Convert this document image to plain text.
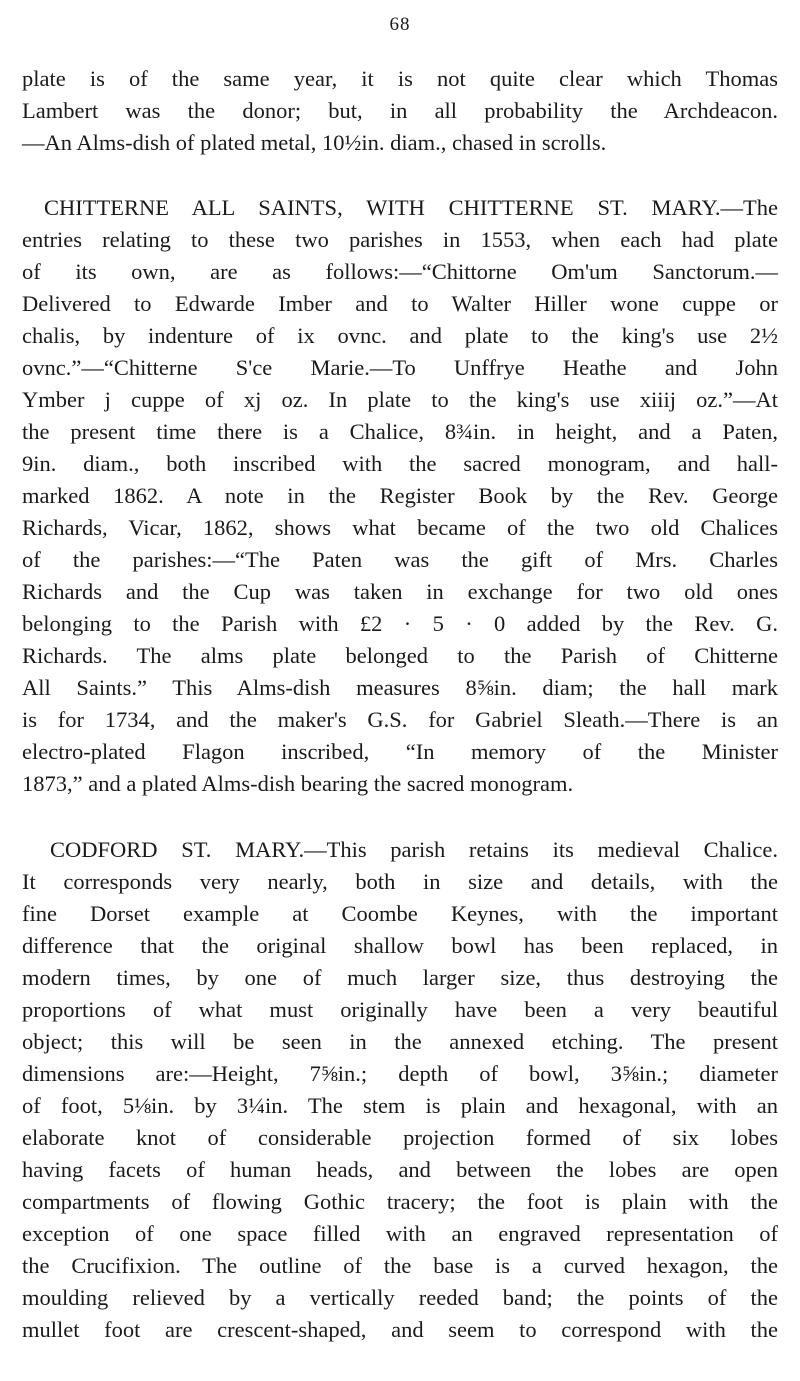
68
plate is of the same year, it is not quite clear which Thomas
Lambert was the donor; but, in all probability the Archdeacon.
—An Alms-dish of plated metal, 10½in. diam., chased in scrolls.
CHITTERNE ALL SAINTS, WITH CHITTERNE ST. MARY.—The
entries relating to these two parishes in 1553, when each had plate
of its own, are as follows:—“Chittorne Om'um Sanctorum.—
Delivered to Edwarde Imber and to Walter Hiller wone cuppe or
chalis, by indenture of ix ovnc. and plate to the king's use 2½
ovnc.”—“Chitterne S'ce Marie.—To Unffrye Heathe and John
Ymber j cuppe of xj oz. In plate to the king's use xiiij oz.”—At
the present time there is a Chalice, 8¾in. in height, and a Paten,
9in. diam., both inscribed with the sacred monogram, and hall-
marked 1862. A note in the Register Book by the Rev. George
Richards, Vicar, 1862, shows what became of the two old Chalices
of the parishes:—“The Paten was the gift of Mrs. Charles
Richards and the Cup was taken in exchange for two old ones
belonging to the Parish with £2 · 5 · 0 added by the Rev. G.
Richards. The alms plate belonged to the Parish of Chitterne
All Saints.” This Alms-dish measures 8⅝in. diam; the hall mark
is for 1734, and the maker's G.S. for Gabriel Sleath.—There is an
electro-plated Flagon inscribed, “In memory of the Minister
1873,” and a plated Alms-dish bearing the sacred monogram.
CODFORD ST. MARY.—This parish retains its medieval Chalice.
It corresponds very nearly, both in size and details, with the
fine Dorset example at Coombe Keynes, with the important
difference that the original shallow bowl has been replaced, in
modern times, by one of much larger size, thus destroying the
proportions of what must originally have been a very beautiful
object; this will be seen in the annexed etching. The present
dimensions are:—Height, 7⅝in.; depth of bowl, 3⅝in.; diameter
of foot, 5⅛in. by 3¼in. The stem is plain and hexagonal, with an
elaborate knot of considerable projection formed of six lobes
having facets of human heads, and between the lobes are open
compartments of flowing Gothic tracery; the foot is plain with the
exception of one space filled with an engraved representation of
the Crucifixion. The outline of the base is a curved hexagon, the
moulding relieved by a vertically reeded band; the points of the
mullet foot are crescent-shaped, and seem to correspond with the
